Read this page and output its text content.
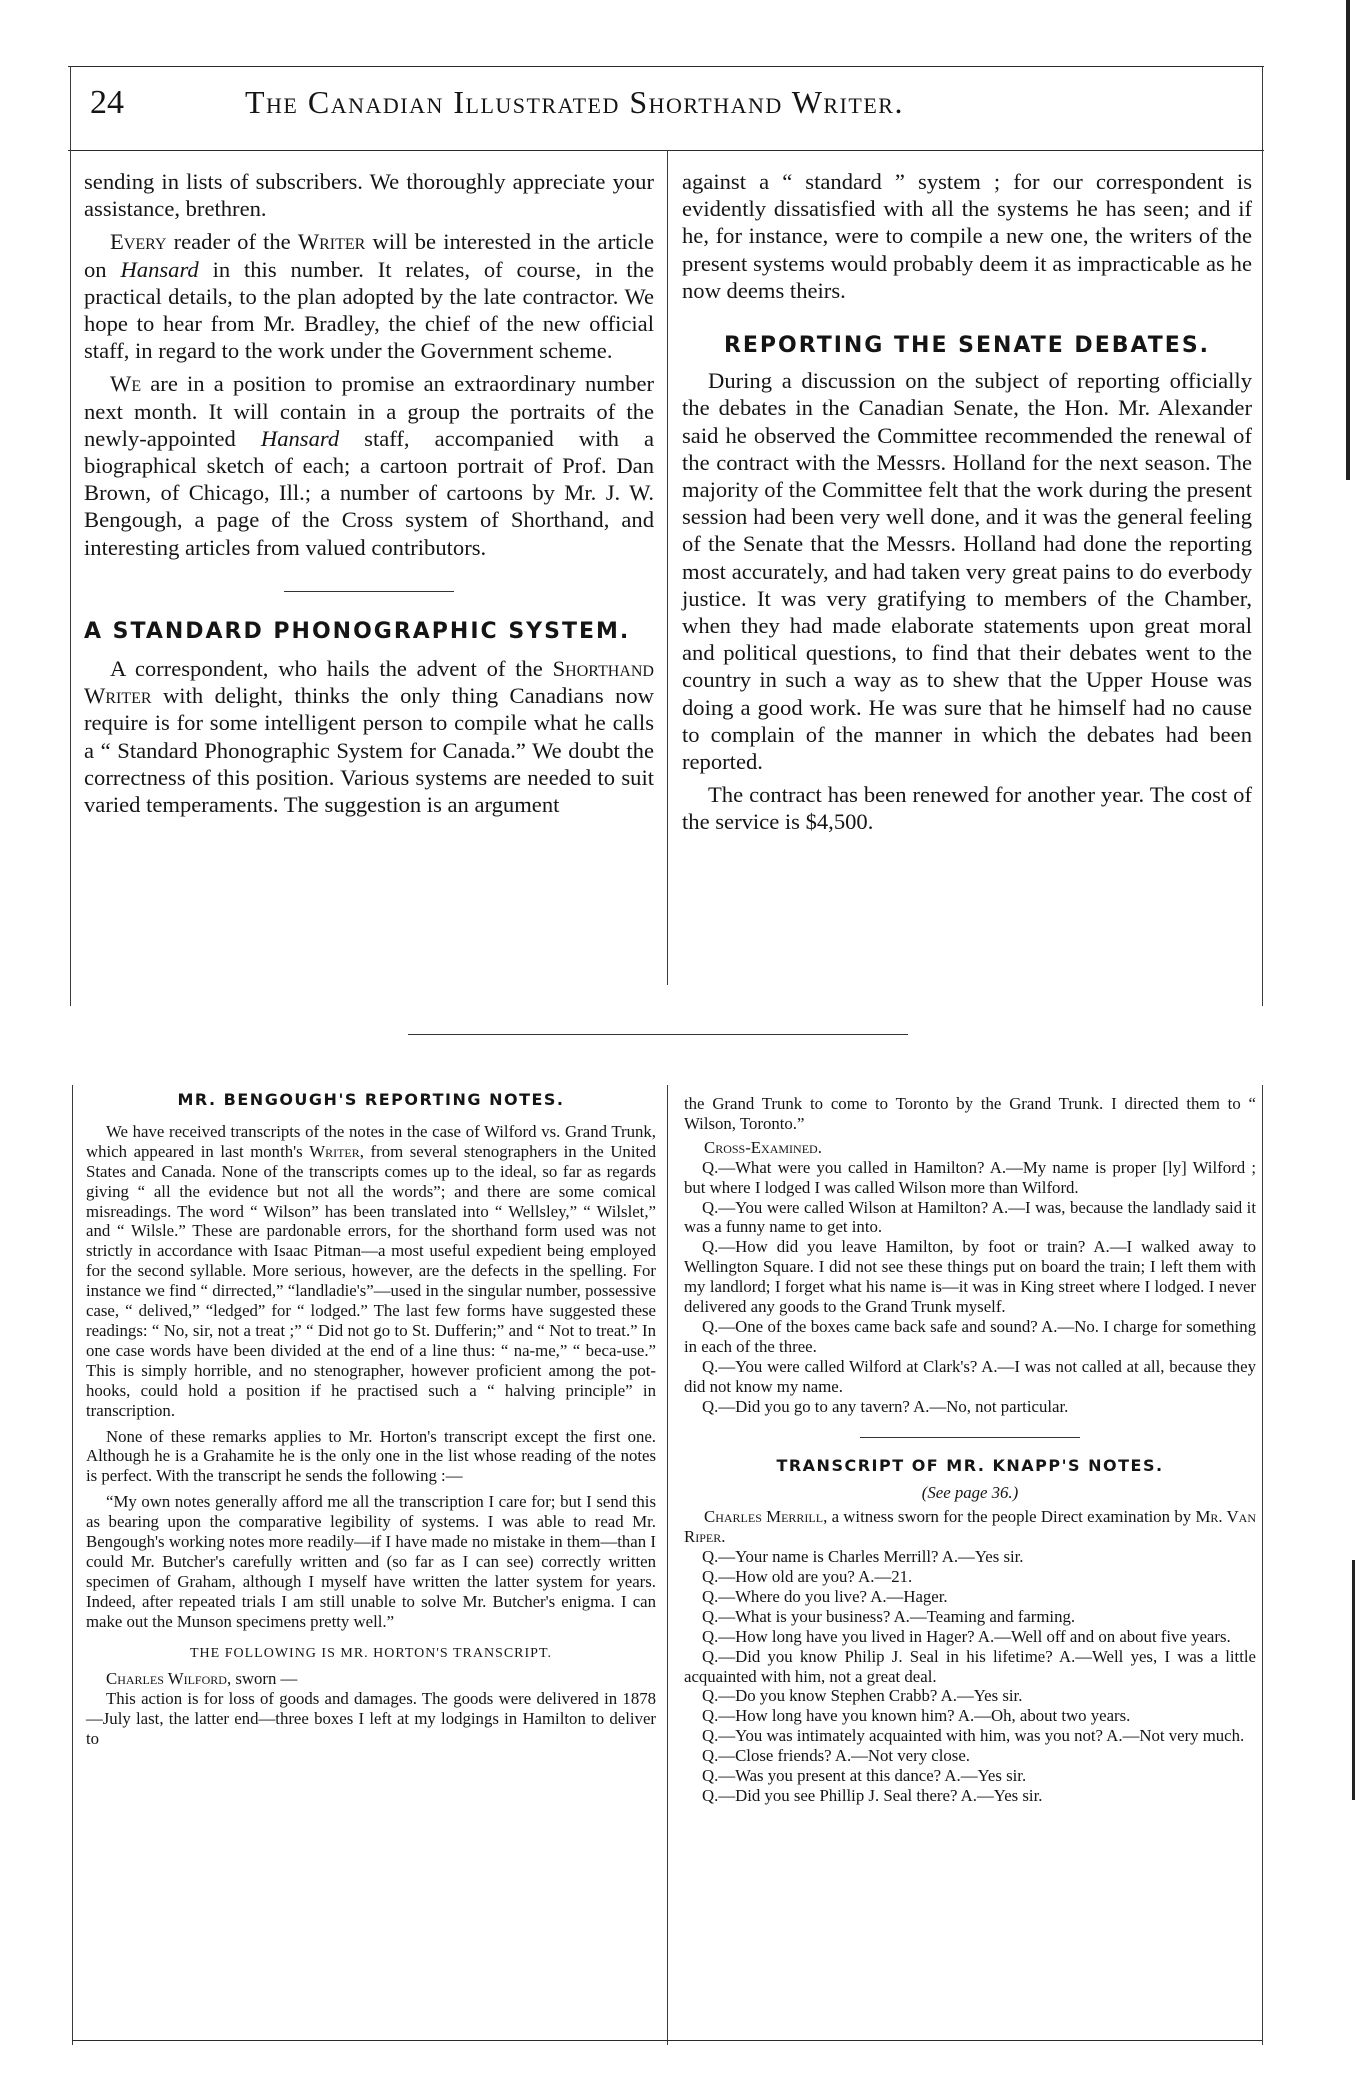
24	The Canadian Illustrated Shorthand Writer.

sending in lists of subscribers. We thoroughly appreciate your assistance, brethren.

Every reader of the Writer will be interested in the article on Hansard in this number. It relates, of course, in the practical details, to the plan adopted by the late contractor. We hope to hear from Mr. Bradley, the chief of the new official staff, in regard to the work under the Government scheme.

We are in a position to promise an extraordinary number next month. It will contain in a group the portraits of the newly-appointed Hansard staff, accompanied with a biographical sketch of each; a cartoon portrait of Prof. Dan Brown, of Chicago, Ill.; a number of cartoons by Mr. J. W. Bengough, a page of the Cross system of Shorthand, and interesting articles from valued contributors.

A STANDARD PHONOGRAPHIC SYSTEM.

A correspondent, who hails the advent of the Shorthand Writer with delight, thinks the only thing Canadians now require is for some intelligent person to compile what he calls a “ Standard Phonographic System for Canada.” We doubt the correctness of this position. Various systems are needed to suit varied temperaments. The suggestion is an argument

against a “ standard ” system ; for our correspondent is evidently dissatisfied with all the systems he has seen; and if he, for instance, were to compile a new one, the writers of the present systems would probably deem it as impracticable as he now deems theirs.

REPORTING THE SENATE DEBATES.

During a discussion on the subject of reporting officially the debates in the Canadian Senate, the Hon. Mr. Alexander said he observed the Committee recommended the renewal of the contract with the Messrs. Holland for the next season. The majority of the Committee felt that the work during the present session had been very well done, and it was the general feeling of the Senate that the Messrs. Holland had done the reporting most accurately, and had taken very great pains to do everbody justice. It was very gratifying to members of the Chamber, when they had made elaborate statements upon great moral and political questions, to find that their debates went to the country in such a way as to shew that the Upper House was doing a good work. He was sure that he himself had no cause to complain of the manner in which the debates had been reported.

The contract has been renewed for another year. The cost of the service is $4,500.

MR. BENGOUGH'S REPORTING NOTES.

We have received transcripts of the notes in the case of Wilford vs. Grand Trunk, which appeared in last month's Writer, from several stenographers in the United States and Canada. None of the transcripts comes up to the ideal, so far as regards giving “ all the evidence but not all the words”; and there are some comical misreadings. The word “ Wilson” has been translated into “ Wellsley,” “ Wilslet,” and “ Wilsle.” These are pardonable errors, for the shorthand form used was not strictly in accordance with Isaac Pitman—a most useful expedient being employed for the second syllable. More serious, however, are the defects in the spelling. For instance we find “ dirrected,” “landladie's”—used in the singular number, possessive case, “ delived,” “ledged” for “ lodged.” The last few forms have suggested these readings: “ No, sir, not a treat ;” “ Did not go to St. Dufferin;” and “ Not to treat.” In one case words have been divided at the end of a line thus: “ na-me,” “ beca-use.” This is simply horrible, and no stenographer, however proficient among the pot-hooks, could hold a position if he practised such a “ halving principle” in transcription.

None of these remarks applies to Mr. Horton's transcript except the first one. Although he is a Grahamite he is the only one in the list whose reading of the notes is perfect. With the transcript he sends the following :—

“My own notes generally afford me all the transcription I care for; but I send this as bearing upon the comparative legibility of systems. I was able to read Mr. Bengough's working notes more readily—if I have made no mistake in them—than I could Mr. Butcher's carefully written and (so far as I can see) correctly written specimen of Graham, although I myself have written the latter system for years. Indeed, after repeated trials I am still unable to solve Mr. Butcher's enigma. I can make out the Munson specimens pretty well.”

THE FOLLOWING IS MR. HORTON'S TRANSCRIPT.

Charles Wilford, sworn —

This action is for loss of goods and damages. The goods were delivered in 1878—July last, the latter end—three boxes I left at my lodgings in Hamilton to deliver to

the Grand Trunk to come to Toronto by the Grand Trunk. I directed them to “ Wilson, Toronto.”

Cross-Examined.

Q.—What were you called in Hamilton? A.—My name is proper [ly] Wilford ; but where I lodged I was called Wilson more than Wilford.

Q.—You were called Wilson at Hamilton? A.—I was, because the landlady said it was a funny name to get into.

Q.—How did you leave Hamilton, by foot or train? A.—I walked away to Wellington Square. I did not see these things put on board the train; I left them with my landlord; I forget what his name is—it was in King street where I lodged. I never delivered any goods to the Grand Trunk myself.

Q.—One of the boxes came back safe and sound? A.—No. I charge for something in each of the three.

Q.—You were called Wilford at Clark's? A.—I was not called at all, because they did not know my name.

Q.—Did you go to any tavern? A.—No, not particular.

TRANSCRIPT OF MR. KNAPP'S NOTES.

(See page 36.)

Charles Merrill, a witness sworn for the people Direct examination by Mr. Van Riper.

Q.—Your name is Charles Merrill? A.—Yes sir.

Q.—How old are you? A.—21.

Q.—Where do you live? A.—Hager.

Q.—What is your business? A.—Teaming and farming.

Q.—How long have you lived in Hager? A.—Well off and on about five years.

Q.—Did you know Philip J. Seal in his lifetime? A.—Well yes, I was a little acquainted with him, not a great deal.

Q.—Do you know Stephen Crabb? A.—Yes sir.

Q.—How long have you known him? A.—Oh, about two years.

Q.—You was intimately acquainted with him, was you not? A.—Not very much.

Q.—Close friends? A.—Not very close.

Q.—Was you present at this dance? A.—Yes sir.

Q.—Did you see Phillip J. Seal there? A.—Yes sir.
